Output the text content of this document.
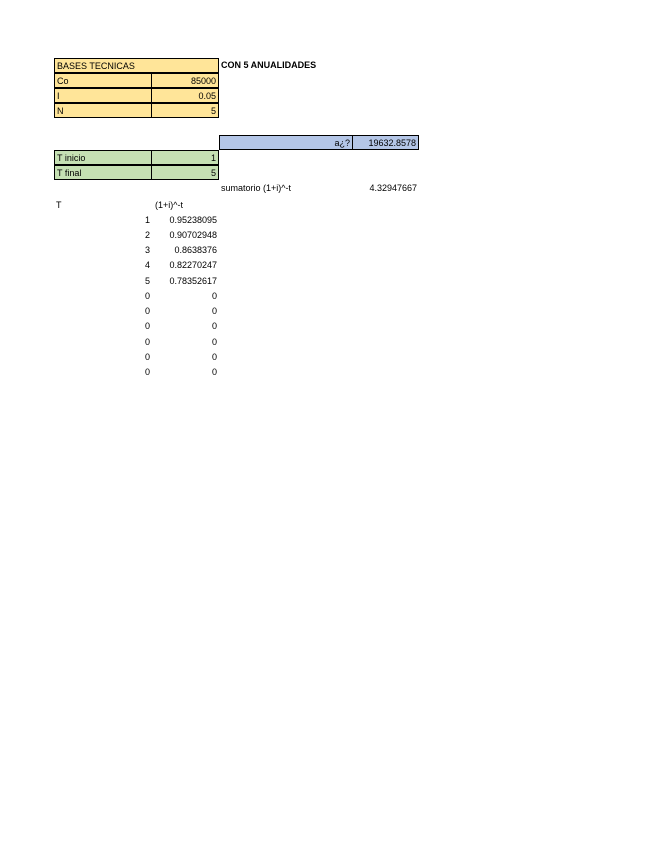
BASES TECNICAS
Co	85000
I	0.05
N	5
CON 5 ANUALIDADES
a¿?	19632.8578
T inicio	1
T final	5
sumatorio (1+i)^-t	4.32947667
T	(1+i)^-t
1	0.95238095
2	0.90702948
3	0.8638376
4	0.82270247
5	0.78352617
0	0
0	0
0	0
0	0
0	0
0	0
